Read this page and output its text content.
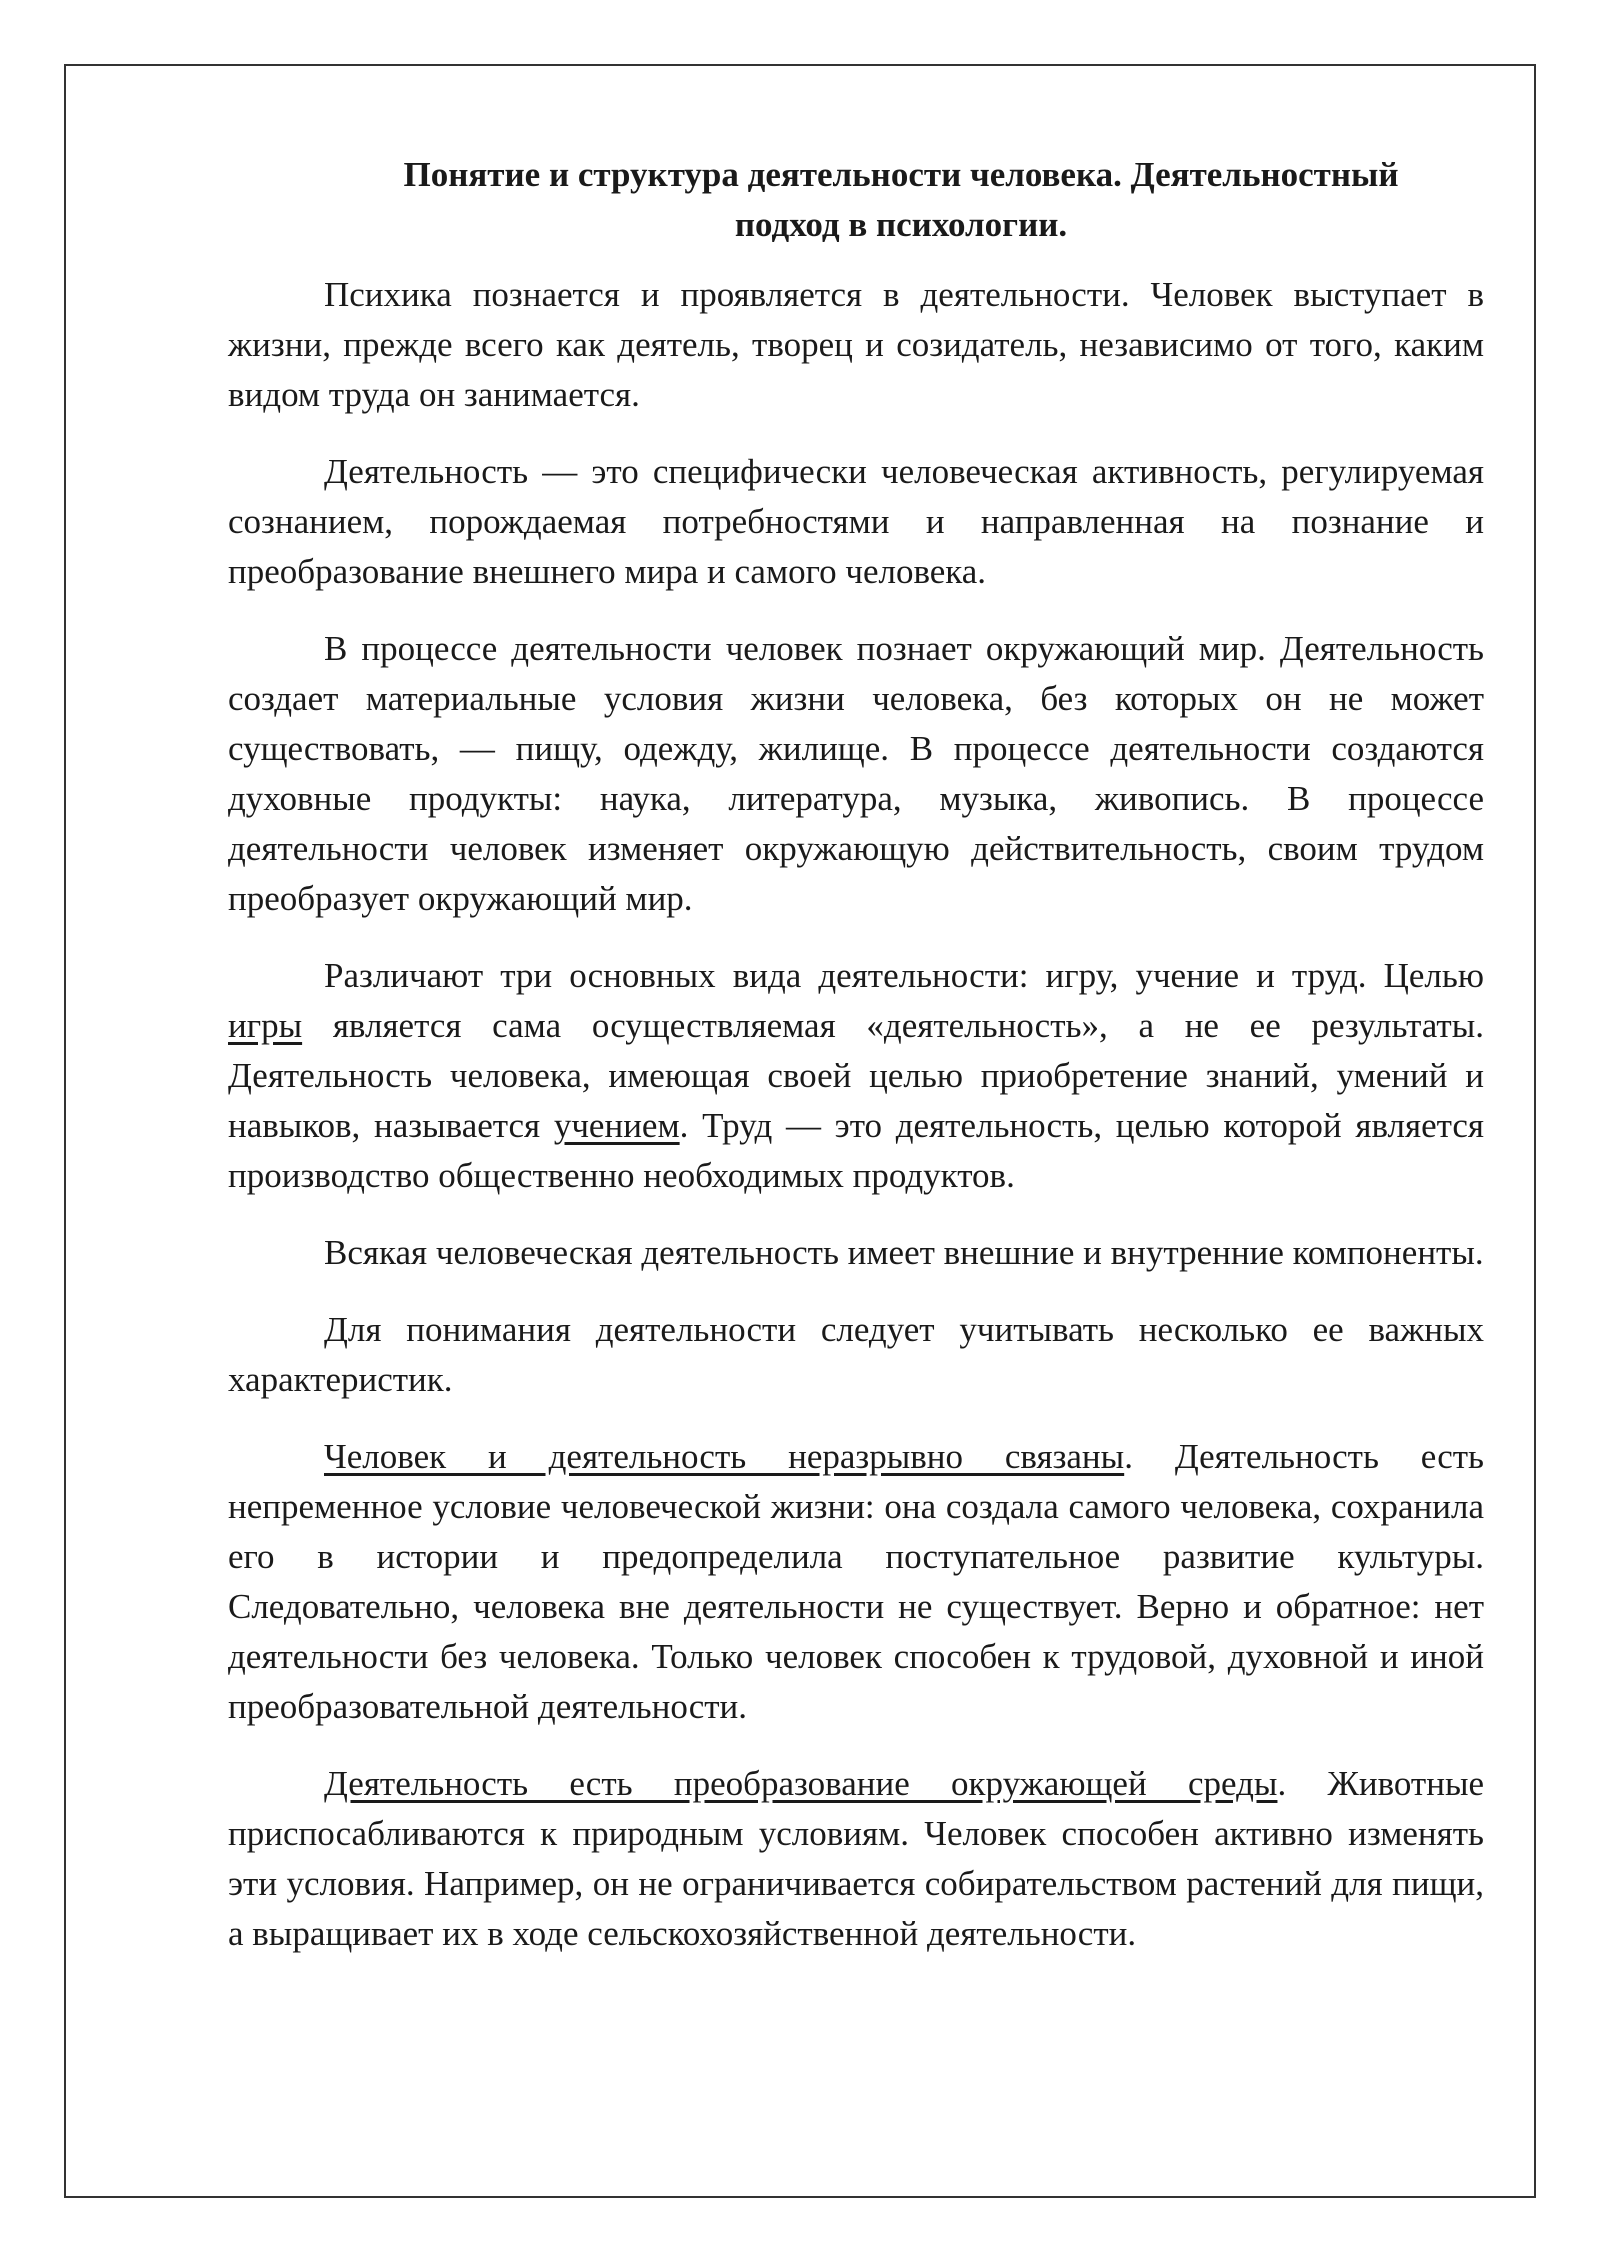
Понятие и структура деятельности человека. Деятельностный
подход в психологии.

Психика познается и проявляется в деятельности. Человек выступает в жизни, прежде всего как деятель, творец и созидатель, независимо от того, каким видом труда он занимается.

Деятельность — это специфически человеческая активность, регулируемая сознанием, порождаемая потребностями и направленная на познание и преобразование внешнего мира и самого человека.

В процессе деятельности человек познает окружающий мир. Деятельность создает материальные условия жизни человека, без которых он не может существовать, — пищу, одежду, жилище. В процессе деятельности создаются духовные продукты: наука, литература, музыка, живопись. В процессе деятельности человек изменяет окружающую действительность, своим трудом преобразует окружающий мир.

Различают три основных вида деятельности: игру, учение и труд. Целью игры является сама осуществляемая «деятельность», а не ее результаты. Деятельность человека, имеющая своей целью приобретение знаний, умений и навыков, называется учением. Труд — это деятельность, целью которой является производство общественно необходимых продуктов.

Всякая человеческая деятельность имеет внешние и внутренние компоненты.

Для понимания деятельности следует учитывать несколько ее важных характеристик.

Человек и деятельность неразрывно связаны. Деятельность есть непременное условие человеческой жизни: она создала самого человека, сохранила его в истории и предопределила поступательное развитие культуры. Следовательно, человека вне деятельности не существует. Верно и обратное: нет деятельности без человека. Только человек способен к трудовой, духовной и иной преобразовательной деятельности.

Деятельность есть преобразование окружающей среды. Животные приспосабливаются к природным условиям. Человек способен активно изменять эти условия. Например, он не ограничивается собирательством растений для пищи, а выращивает их в ходе сельскохозяйственной деятельности.
